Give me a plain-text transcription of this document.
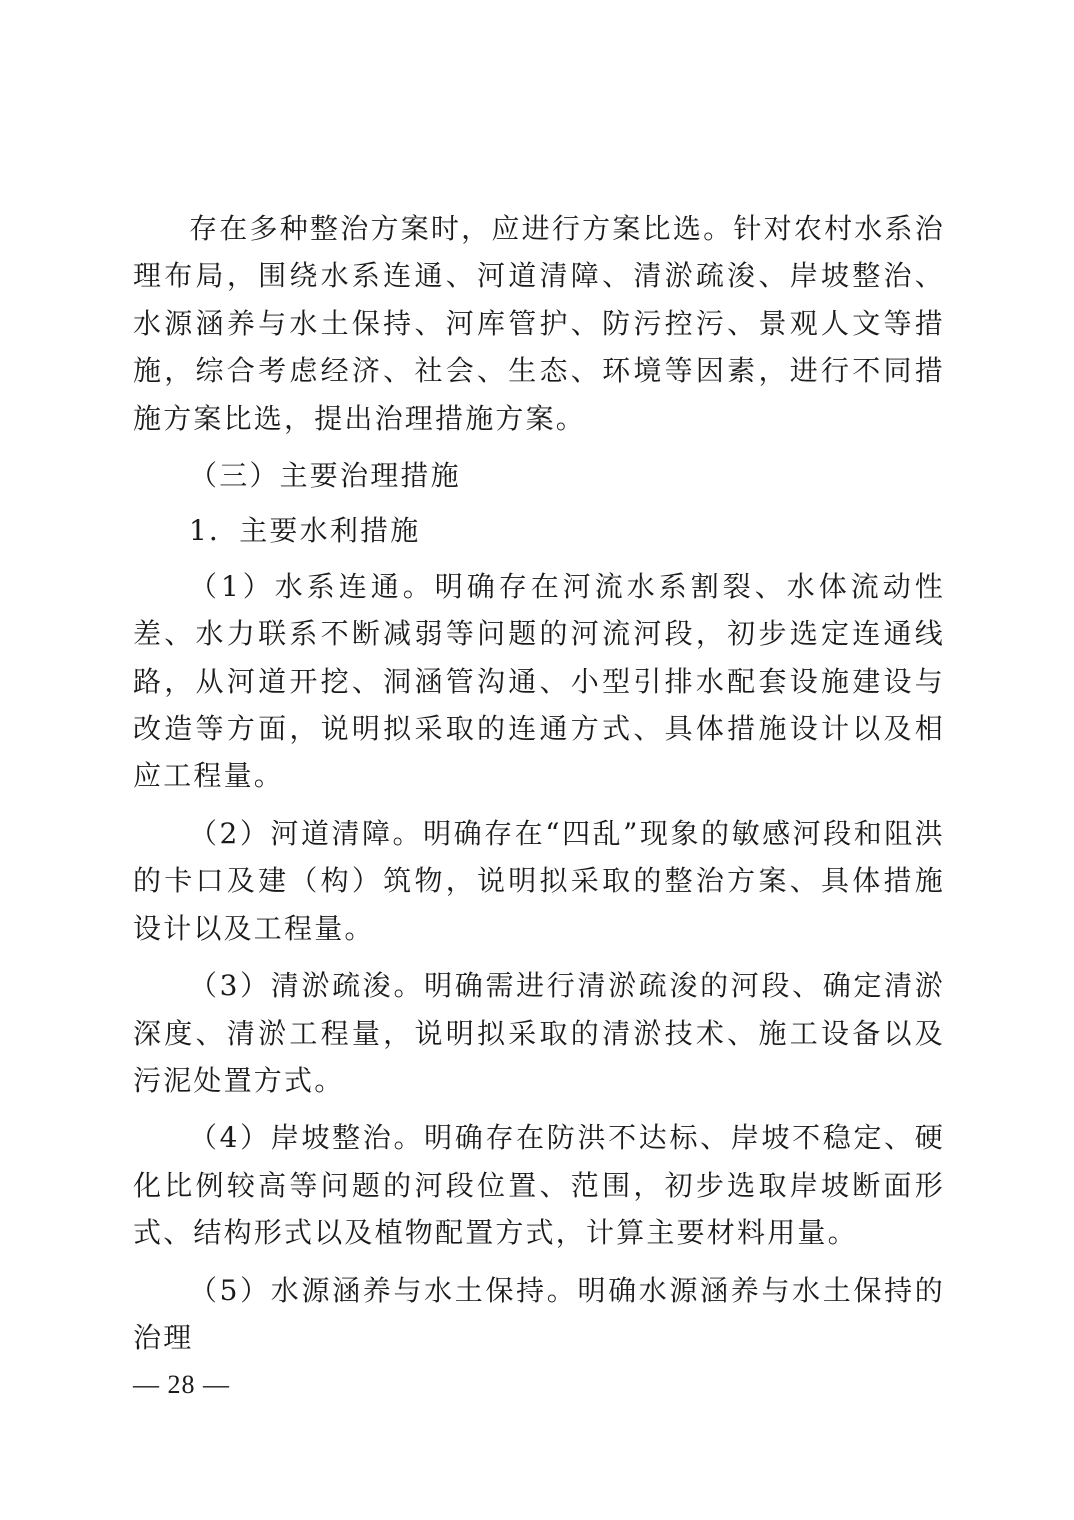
存在多种整治方案时，应进行方案比选。针对农村水系治理布局，围绕水系连通、河道清障、清淤疏浚、岸坡整治、水源涵养与水土保持、河库管护、防污控污、景观人文等措施，综合考虑经济、社会、生态、环境等因素，进行不同措施方案比选，提出治理措施方案。

（三）主要治理措施

1．主要水利措施

（1）水系连通。明确存在河流水系割裂、水体流动性差、水力联系不断减弱等问题的河流河段，初步选定连通线路，从河道开挖、洞涵管沟通、小型引排水配套设施建设与改造等方面，说明拟采取的连通方式、具体措施设计以及相应工程量。

（2）河道清障。明确存在“四乱”现象的敏感河段和阻洪的卡口及建（构）筑物，说明拟采取的整治方案、具体措施设计以及工程量。

（3）清淤疏浚。明确需进行清淤疏浚的河段、确定清淤深度、清淤工程量，说明拟采取的清淤技术、施工设备以及污泥处置方式。

（4）岸坡整治。明确存在防洪不达标、岸坡不稳定、硬化比例较高等问题的河段位置、范围，初步选取岸坡断面形式、结构形式以及植物配置方式，计算主要材料用量。

（5）水源涵养与水土保持。明确水源涵养与水土保持的治理

— 28 —
